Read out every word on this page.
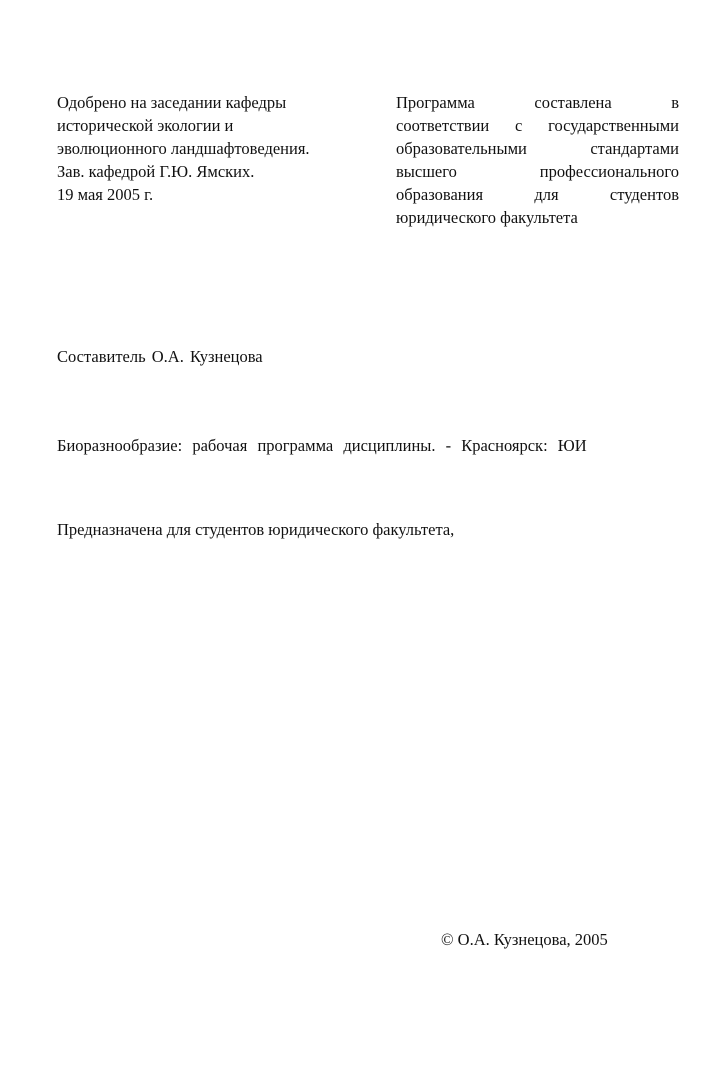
Одобрено на заседании кафедры
исторической экологии и
эволюционного ландшафтоведения.
Зав. кафедрой Г.Ю. Ямских.
19 мая 2005 г.
Программа составлена в
соответствии с государственными
образовательными стандартами
высшего профессионального
образования для студентов
юридического факультета
Составитель О.А. Кузнецова
Биоразнообразие: рабочая программа дисциплины. - Красноярск: ЮИ
Предназначена для студентов юридического факультета,
© О.А. Кузнецова, 2005
